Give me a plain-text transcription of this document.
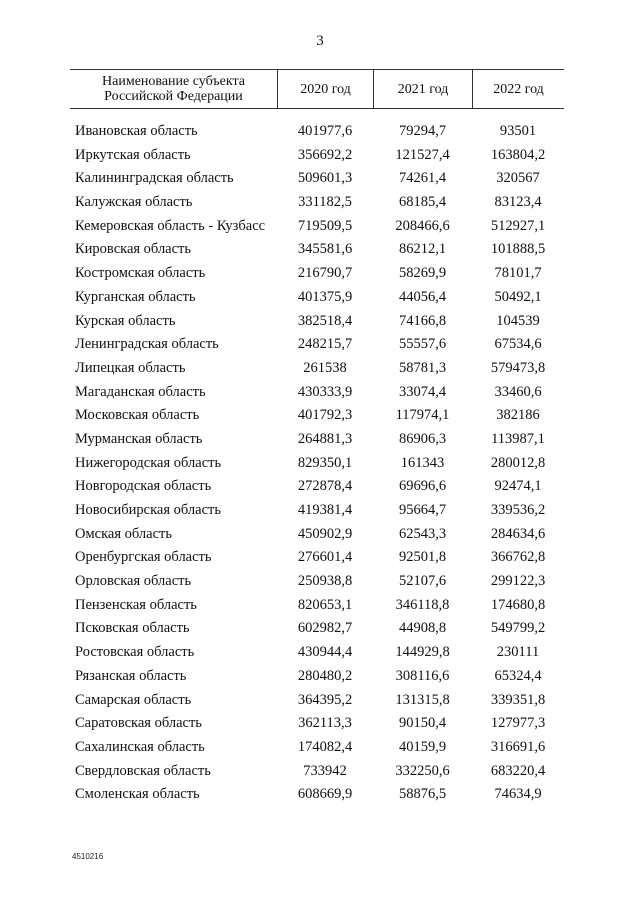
3
Наименование субъекта
Российской Федерации	2020 год	2021 год	2022 год
Ивановская область	401977,6	79294,7	93501
Иркутская область	356692,2	121527,4	163804,2
Калининградская область	509601,3	74261,4	320567
Калужская область	331182,5	68185,4	83123,4
Кемеровская область - Кузбасс	719509,5	208466,6	512927,1
Кировская область	345581,6	86212,1	101888,5
Костромская область	216790,7	58269,9	78101,7
Курганская область	401375,9	44056,4	50492,1
Курская область	382518,4	74166,8	104539
Ленинградская область	248215,7	55557,6	67534,6
Липецкая область	261538	58781,3	579473,8
Магаданская область	430333,9	33074,4	33460,6
Московская область	401792,3	117974,1	382186
Мурманская область	264881,3	86906,3	113987,1
Нижегородская область	829350,1	161343	280012,8
Новгородская область	272878,4	69696,6	92474,1
Новосибирская область	419381,4	95664,7	339536,2
Омская область	450902,9	62543,3	284634,6
Оренбургская область	276601,4	92501,8	366762,8
Орловская область	250938,8	52107,6	299122,3
Пензенская область	820653,1	346118,8	174680,8
Псковская область	602982,7	44908,8	549799,2
Ростовская область	430944,4	144929,8	230111
Рязанская область	280480,2	308116,6	65324,4
Самарская область	364395,2	131315,8	339351,8
Саратовская область	362113,3	90150,4	127977,3
Сахалинская область	174082,4	40159,9	316691,6
Свердловская область	733942	332250,6	683220,4
Смоленская область	608669,9	58876,5	74634,9
4510216
